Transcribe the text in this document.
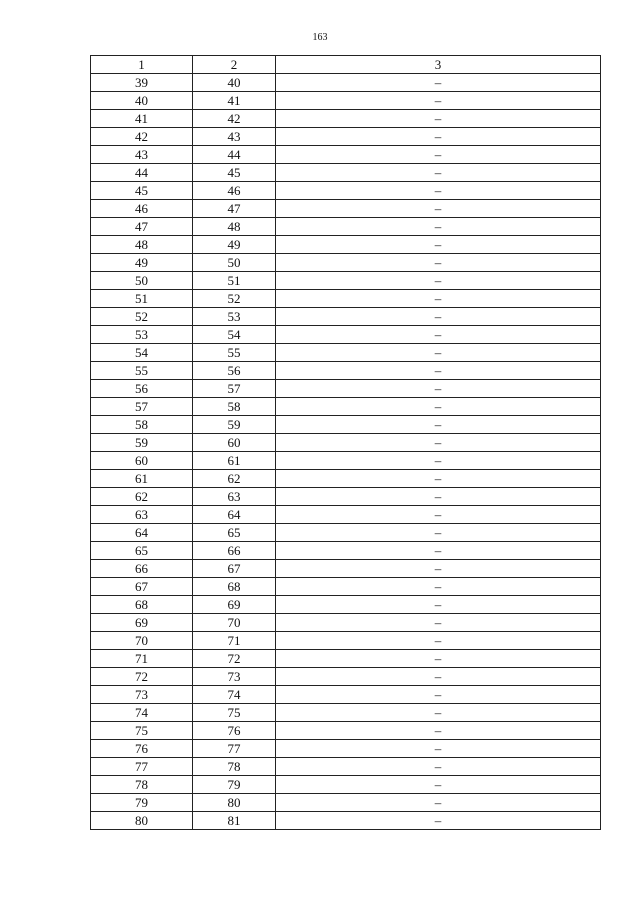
163
1	2	3
39	40	–
40	41	–
41	42	–
42	43	–
43	44	–
44	45	–
45	46	–
46	47	–
47	48	–
48	49	–
49	50	–
50	51	–
51	52	–
52	53	–
53	54	–
54	55	–
55	56	–
56	57	–
57	58	–
58	59	–
59	60	–
60	61	–
61	62	–
62	63	–
63	64	–
64	65	–
65	66	–
66	67	–
67	68	–
68	69	–
69	70	–
70	71	–
71	72	–
72	73	–
73	74	–
74	75	–
75	76	–
76	77	–
77	78	–
78	79	–
79	80	–
80	81	–
